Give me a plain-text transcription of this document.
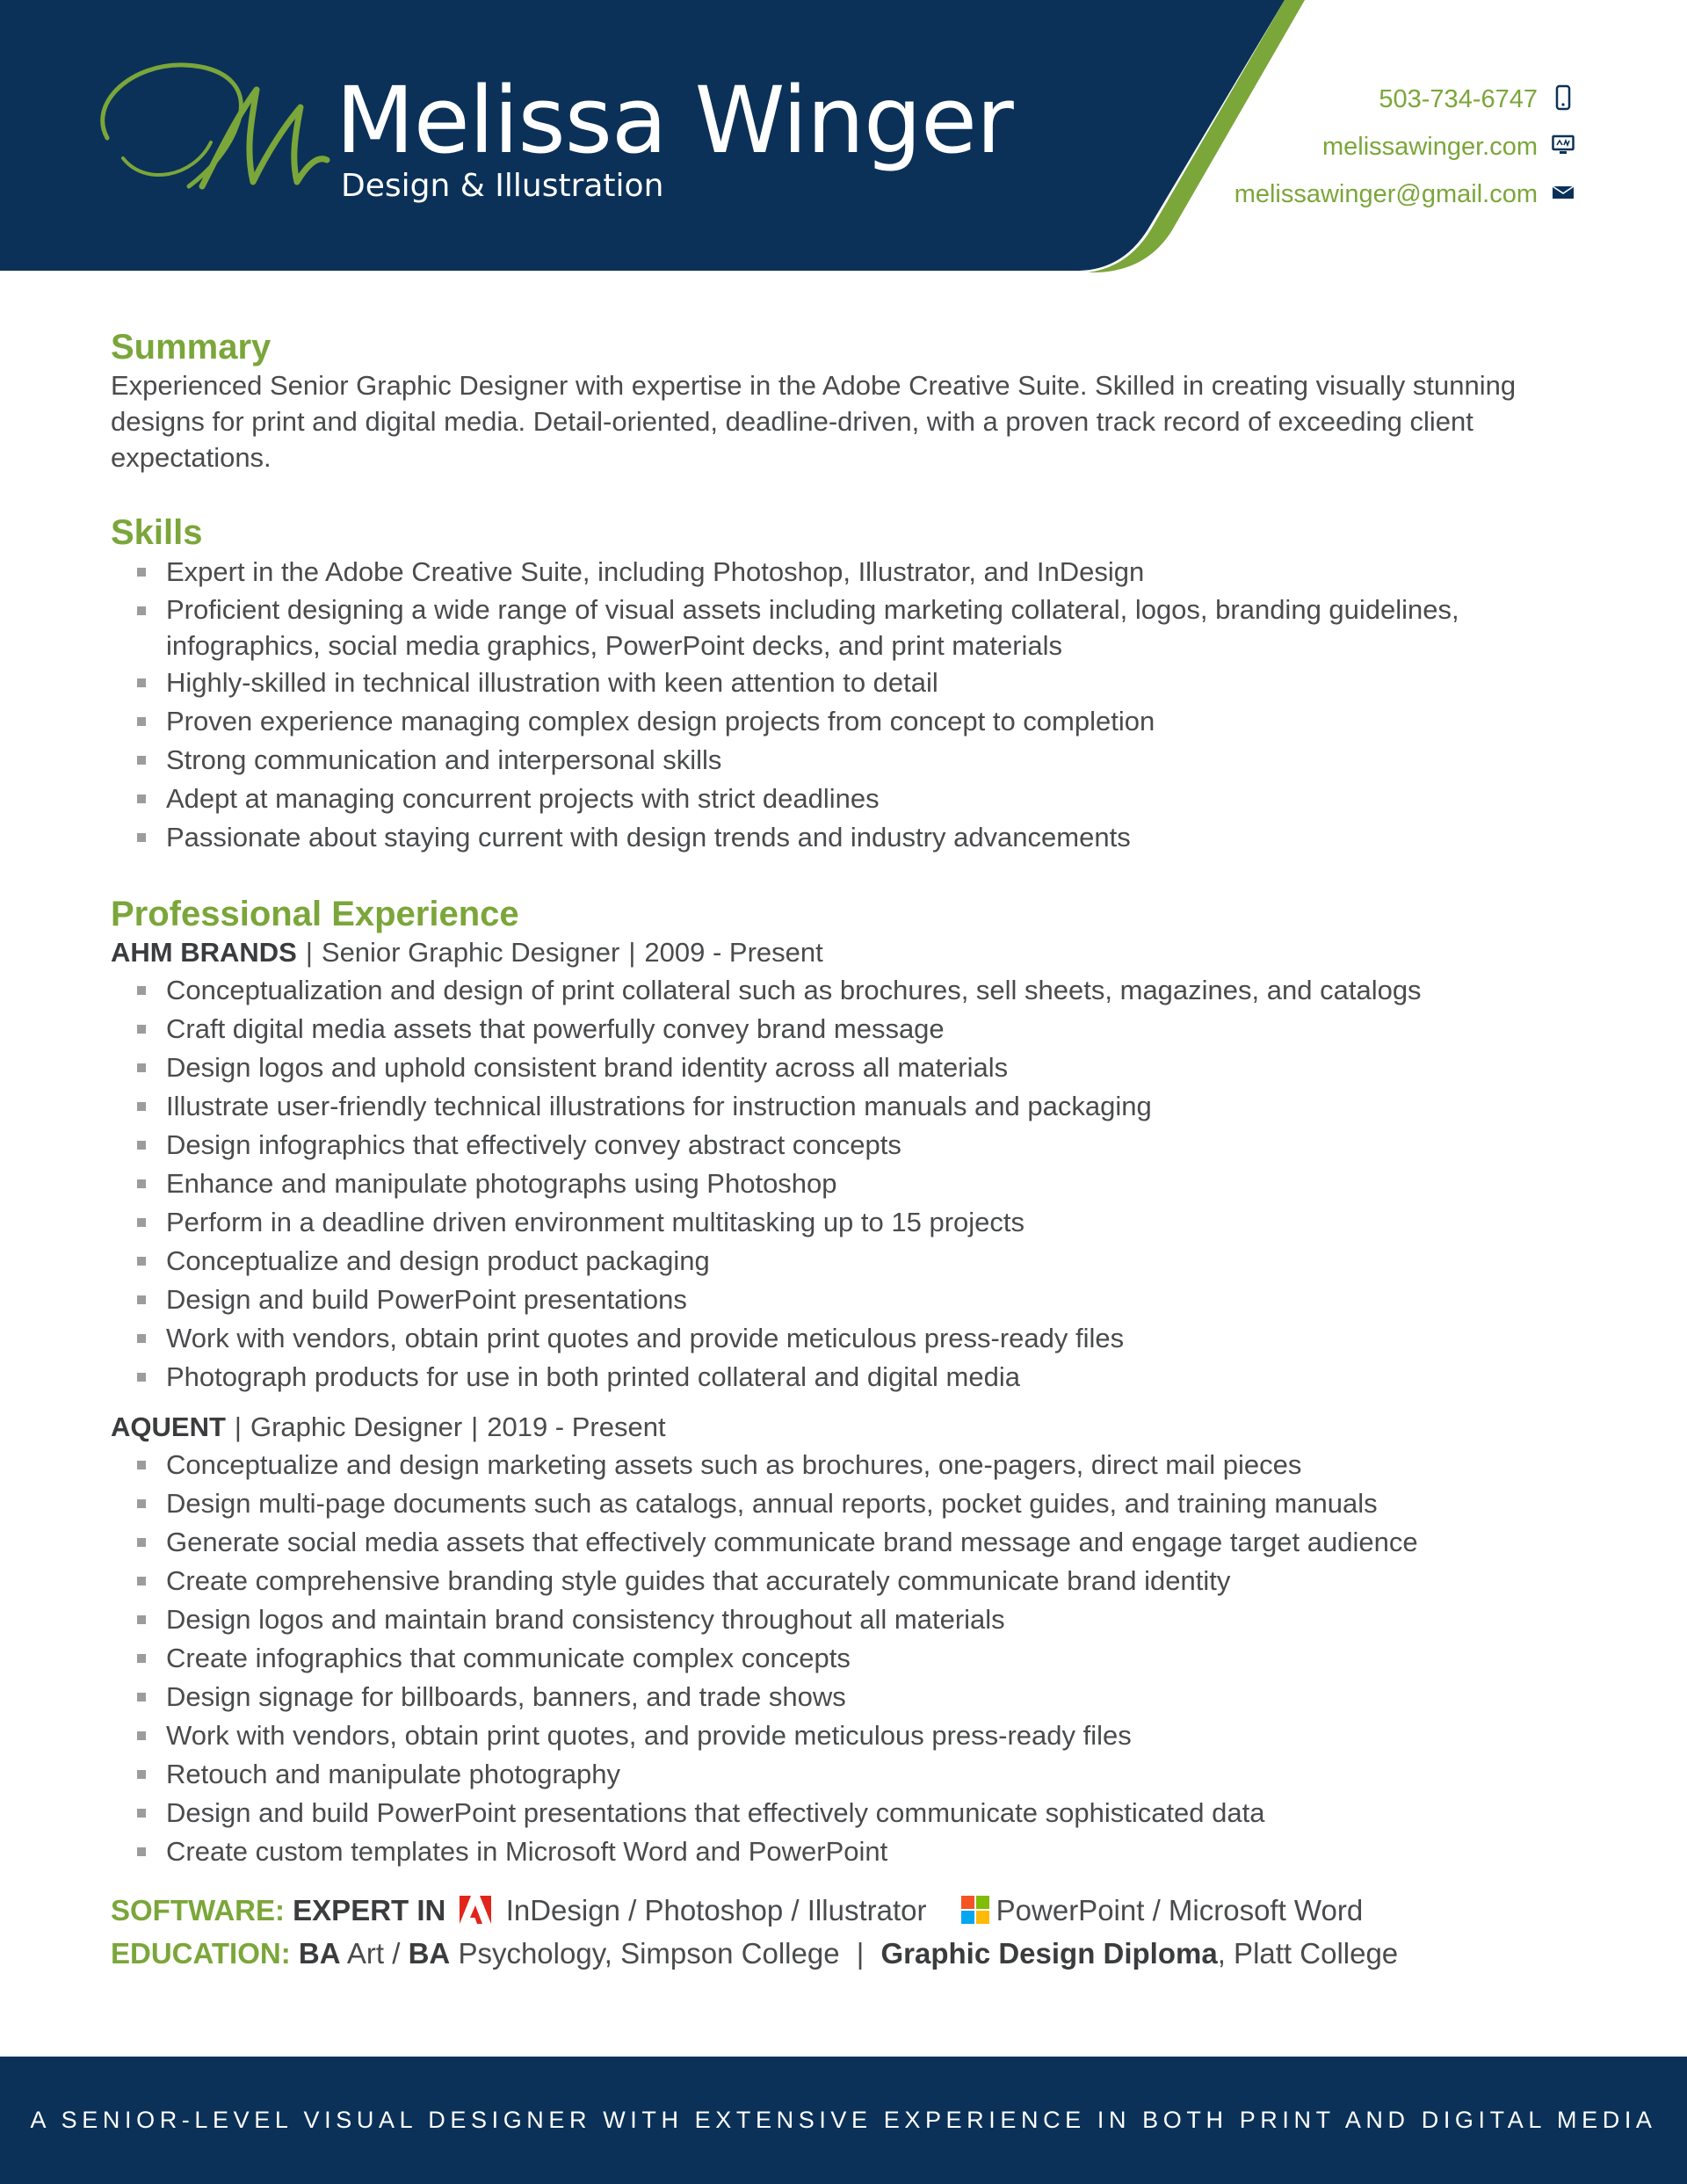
Melissa Winger
Design & Illustration
503-734-6747
melissawinger.com
melissawinger@gmail.com
Summary
Experienced Senior Graphic Designer with expertise in the Adobe Creative Suite. Skilled in creating visually stunning designs for print and digital media. Detail-oriented, deadline-driven, with a proven track record of exceeding client expectations.
Skills
Expert in the Adobe Creative Suite, including Photoshop, Illustrator, and InDesign
Proficient designing a wide range of visual assets including marketing collateral, logos, branding guidelines, infographics, social media graphics, PowerPoint decks, and print materials
Highly-skilled in technical illustration with keen attention to detail
Proven experience managing complex design projects from concept to completion
Strong communication and interpersonal skills
Adept at managing concurrent projects with strict deadlines
Passionate about staying current with design trends and industry advancements
Professional Experience
AHM BRANDS | Senior Graphic Designer | 2009 - Present
Conceptualization and design of print collateral such as brochures, sell sheets, magazines, and catalogs
Craft digital media assets that powerfully convey brand message
Design logos and uphold consistent brand identity across all materials
Illustrate user-friendly technical illustrations for instruction manuals and packaging
Design infographics that effectively convey abstract concepts
Enhance and manipulate photographs using Photoshop
Perform in a deadline driven environment multitasking up to 15 projects
Conceptualize and design product packaging
Design and build PowerPoint presentations
Work with vendors, obtain print quotes and provide meticulous press-ready files
Photograph products for use in both printed collateral and digital media
AQUENT | Graphic Designer | 2019 - Present
Conceptualize and design marketing assets such as brochures, one-pagers, direct mail pieces
Design multi-page documents such as catalogs, annual reports, pocket guides, and training manuals
Generate social media assets that effectively communicate brand message and engage target audience
Create comprehensive branding style guides that accurately communicate brand identity
Design logos and maintain brand consistency throughout all materials
Create infographics that communicate complex concepts
Design signage for billboards, banners, and trade shows
Work with vendors, obtain print quotes, and provide meticulous press-ready files
Retouch and manipulate photography
Design and build PowerPoint presentations that effectively communicate sophisticated data
Create custom templates in Microsoft Word and PowerPoint
SOFTWARE: EXPERT IN InDesign / Photoshop / Illustrator PowerPoint / Microsoft Word
EDUCATION: BA Art / BA Psychology, Simpson College | Graphic Design Diploma, Platt College
A SENIOR-LEVEL VISUAL DESIGNER WITH EXTENSIVE EXPERIENCE IN BOTH PRINT AND DIGITAL MEDIA
